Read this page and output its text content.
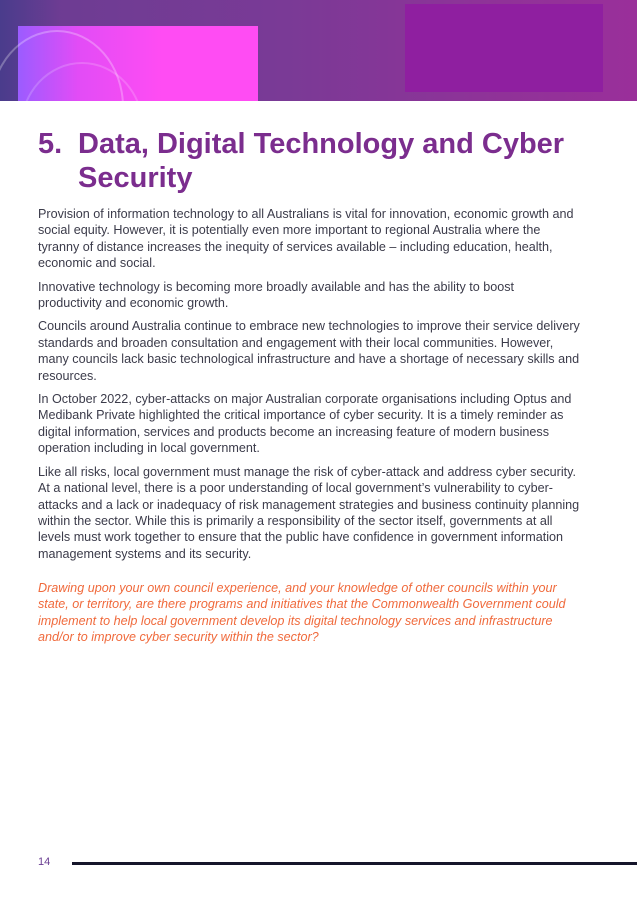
5. Data, Digital Technology and Cyber Security

Provision of information technology to all Australians is vital for innovation, economic growth and social equity. However, it is potentially even more important to regional Australia where the tyranny of distance increases the inequity of services available – including education, health, economic and social.

Innovative technology is becoming more broadly available and has the ability to boost productivity and economic growth.

Councils around Australia continue to embrace new technologies to improve their service delivery standards and broaden consultation and engagement with their local communities. However, many councils lack basic technological infrastructure and have a shortage of necessary skills and resources.

In October 2022, cyber-attacks on major Australian corporate organisations including Optus and Medibank Private highlighted the critical importance of cyber security. It is a timely reminder as digital information, services and products become an increasing feature of modern business operation including in local government.

Like all risks, local government must manage the risk of cyber-attack and address cyber security. At a national level, there is a poor understanding of local government’s vulnerability to cyber-attacks and a lack or inadequacy of risk management strategies and business continuity planning within the sector. While this is primarily a responsibility of the sector itself, governments at all levels must work together to ensure that the public have confidence in government information management systems and its security.

Drawing upon your own council experience, and your knowledge of other councils within your state, or territory, are there programs and initiatives that the Commonwealth Government could implement to help local government develop its digital technology services and infrastructure and/or to improve cyber security within the sector?

14
